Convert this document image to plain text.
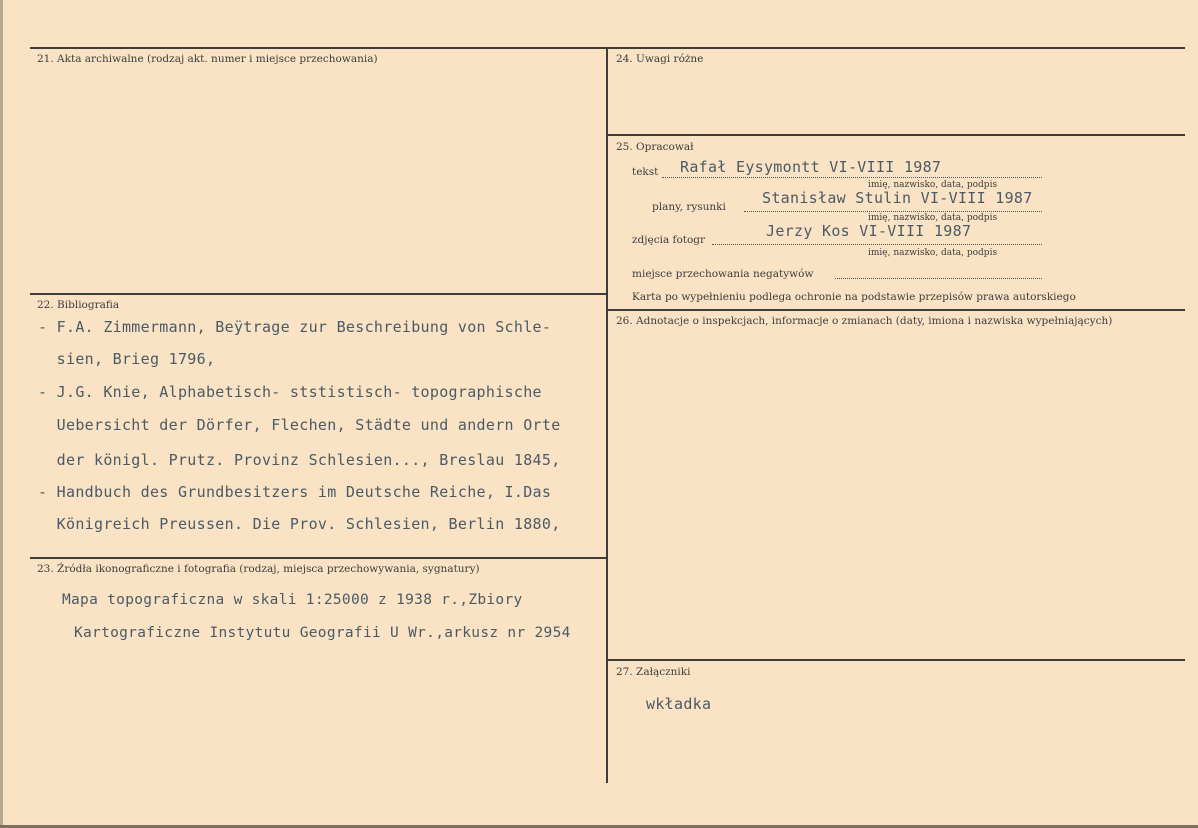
21. Akta archiwalne (rodzaj akt. numer i miejsce przechowania)
22. Bibliografia
- F.A. Zimmermann, Beÿtrage zur Beschreibung von Schle-
sien, Brieg 1796,
- J.G. Knie, Alphabetisch- ststistisch- topographische
Uebersicht der Dörfer, Flechen, Städte und andern Orte
der königl. Prutz. Provinz Schlesien..., Breslau 1845,
- Handbuch des Grundbesitzers im Deutsche Reiche, I.Das
Königreich Preussen. Die Prov. Schlesien, Berlin 1880,
23. Źródła ikonograficzne i fotografia (rodzaj, miejsca przechowywania, sygnatury)
Mapa topograficzna w skali 1:25000 z 1938 r.,Zbiory
Kartograficzne Instytutu Geografii U Wr.,arkusz nr 2954
24. Uwagi różne
25. Opracował
tekst Rafał Eysymontt VI-VIII 1987
imię, nazwisko, data, podpis
plany, rysunki Stanisław Stulin VI-VIII 1987
imię, nazwisko, data, podpis
zdjęcia fotogr	Jerzy Kos VI-VIII 1987
imię, nazwisko, data, podpis
miejsce przechowania negatywów
Karta po wypełnieniu podlega ochronie na podstawie przepisów prawa autorskiego
26. Adnotacje o inspekcjach, informacje o zmianach (daty, imiona i nazwiska wypełniających)
27. Załączniki
wkładka
